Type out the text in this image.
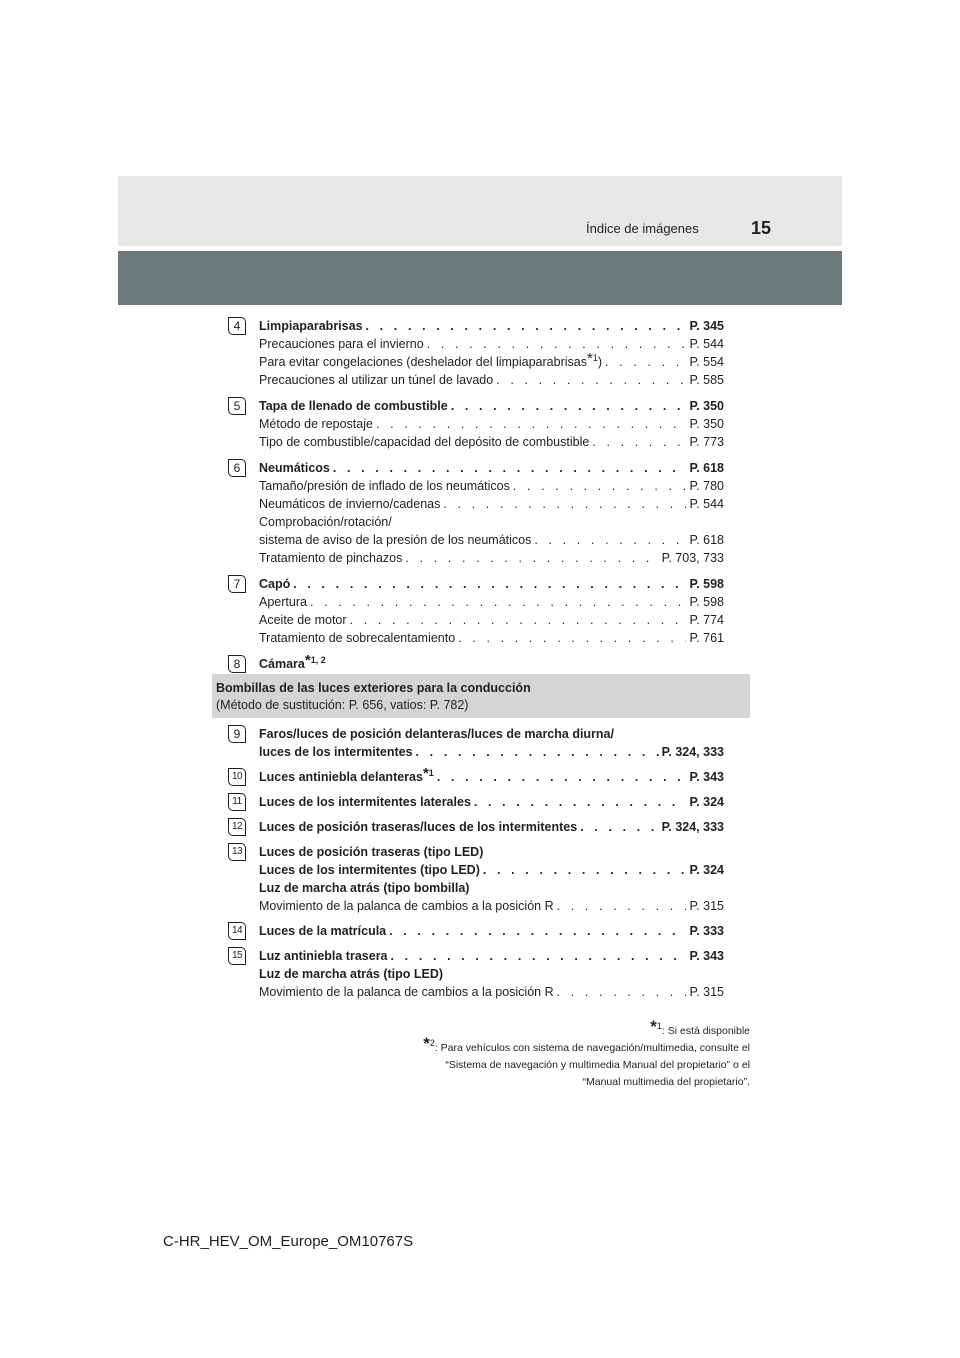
15
Índice de imágenes
4	Limpiaparabrisas . . .	P. 345
Precauciones para el invierno . . .	P. 544
Para evitar congelaciones (deshelador del limpiaparabrisas$^{*1}$) . . .	P. 554
Precauciones al utilizar un túnel de lavado . . .	P. 585
5	Tapa de llenado de combustible . . .	P. 350
Método de repostaje . . .	P. 350
Tipo de combustible/capacidad del depósito de combustible . . .	P. 773
6	Neumáticos . . .	P. 618
Tamaño/presión de inflado de los neumáticos . . .	P. 780
Neumáticos de invierno/cadenas . . .	P. 544
Comprobación/rotación/
sistema de aviso de la presión de los neumáticos . . .	P. 618
Tratamiento de pinchazos . . .	P. 703, 733
7	Capó . . .	P. 598
Apertura . . .	P. 598
Aceite de motor . . .	P. 774
Tratamiento de sobrecalentamiento . . .	P. 761
8	Cámara$^{*1, 2}$
Bombillas de las luces exteriores para la conducción
(Método de sustitución: P. 656, vatios: P. 782)
9	Faros/luces de posición delanteras/luces de marcha diurna/
luces de los intermitentes . . .	P. 324, 333
10	Luces antiniebla delanteras$^{*1}$ . . .	P. 343
11	Luces de los intermitentes laterales . . .	P. 324
12	Luces de posición traseras/luces de los intermitentes . . .	P. 324, 333
13	Luces de posición traseras (tipo LED)
Luces de los intermitentes (tipo LED) . . .	P. 324
Luz de marcha atrás (tipo bombilla)
Movimiento de la palanca de cambios a la posición R . . .	P. 315
14	Luces de la matrícula . . .	P. 333
15	Luz antiniebla trasera . . .	P. 343
Luz de marcha atrás (tipo LED)
Movimiento de la palanca de cambios a la posición R . . .	P. 315
*1: Si está disponible
*2: Para vehículos con sistema de navegación/multimedia, consulte el
“Sistema de navegación y multimedia Manual del propietario” o el
“Manual multimedia del propietario”.
C-HR_HEV_OM_Europe_OM10767S
